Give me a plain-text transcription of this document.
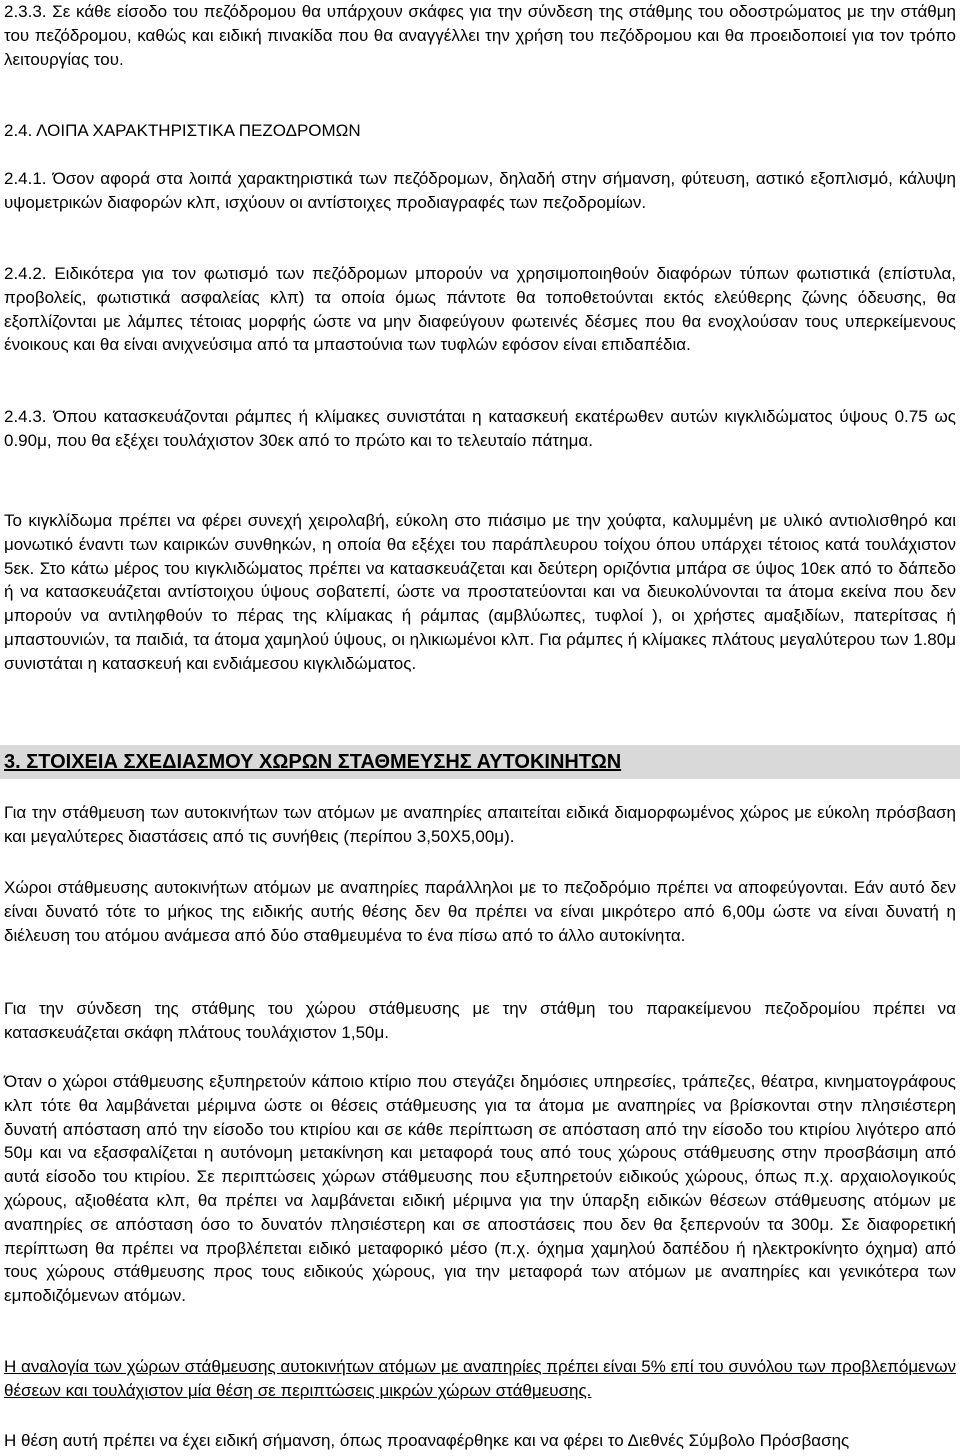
2.3.3. Σε κάθε είσοδο του πεζόδρομου θα υπάρχουν σκάφες για την σύνδεση της στάθμης του οδοστρώματος με την στάθμη του πεζόδρομου, καθώς και ειδική πινακίδα που θα αναγγέλλει την χρήση του πεζόδρομου και θα προειδοποιεί για τον τρόπο λειτουργίας του.

2.4. ΛΟΙΠΑ ΧΑΡΑΚΤΗΡΙΣΤΙΚΑ ΠΕΖΟΔΡΟΜΩΝ

2.4.1. Όσον αφορά στα λοιπά χαρακτηριστικά των πεζόδρομων, δηλαδή στην σήμανση, φύτευση, αστικό εξοπλισμό, κάλυψη υψομετρικών διαφορών κλπ, ισχύουν οι αντίστοιχες προδιαγραφές των πεζοδρομίων.

2.4.2. Ειδικότερα για τον φωτισμό των πεζόδρομων μπορούν να χρησιμοποιηθούν διαφόρων τύπων φωτιστικά (επίστυλα, προβολείς, φωτιστικά ασφαλείας κλπ) τα οποία όμως πάντοτε θα τοποθετούνται εκτός ελεύθερης ζώνης όδευσης, θα εξοπλίζονται με λάμπες τέτοιας μορφής ώστε να μην διαφεύγουν φωτεινές δέσμες που θα ενοχλούσαν τους υπερκείμενους ένοικους και θα είναι ανιχνεύσιμα από τα μπαστούνια των τυφλών εφόσον είναι επιδαπέδια.

2.4.3. Όπου κατασκευάζονται ράμπες ή κλίμακες συνιστάται η κατασκευή εκατέρωθεν αυτών κιγκλιδώματος ύψους 0.75 ως 0.90μ, που θα εξέχει τουλάχιστον 30εκ από το πρώτο και το τελευταίο πάτημα.

Το κιγκλίδωμα πρέπει να φέρει συνεχή χειρολαβή, εύκολη στο πιάσιμο με την χούφτα, καλυμμένη με υλικό αντιολισθηρό και μονωτικό έναντι των καιρικών συνθηκών, η οποία θα εξέχει του παράπλευρου τοίχου όπου υπάρχει τέτοιος κατά τουλάχιστον 5εκ. Στο κάτω μέρος του κιγκλιδώματος πρέπει να κατασκευάζεται και δεύτερη οριζόντια μπάρα σε ύψος 10εκ από το δάπεδο ή να κατασκευάζεται αντίστοιχου ύψους σοβατεπί, ώστε να προστατεύονται και να διευκολύνονται τα άτομα εκείνα που δεν μπορούν να αντιληφθούν το πέρας της κλίμακας ή ράμπας (αμβλύωπες, τυφλοί ), οι χρήστες αμαξιδίων, πατερίτσας ή μπαστουνιών, τα παιδιά, τα άτομα χαμηλού ύψους, οι ηλικιωμένοι κλπ. Για ράμπες ή κλίμακες πλάτους μεγαλύτερου των 1.80μ συνιστάται η κατασκευή και ενδιάμεσου κιγκλιδώματος.

3. ΣΤΟΙΧΕΙΑ ΣΧΕΔΙΑΣΜΟΥ ΧΩΡΩΝ ΣΤΑΘΜΕΥΣΗΣ ΑΥΤΟΚΙΝΗΤΩΝ

Για την στάθμευση των αυτοκινήτων των ατόμων με αναπηρίες απαιτείται ειδικά διαμορφωμένος χώρος με εύκολη πρόσβαση και μεγαλύτερες διαστάσεις από τις συνήθεις (περίπου 3,50Χ5,00μ).

Χώροι στάθμευσης αυτοκινήτων ατόμων με αναπηρίες παράλληλοι με το πεζοδρόμιο πρέπει να αποφεύγονται. Εάν αυτό δεν είναι δυνατό τότε το μήκος της ειδικής αυτής θέσης δεν θα πρέπει να είναι μικρότερο από 6,00μ ώστε να είναι δυνατή η διέλευση του ατόμου ανάμεσα από δύο σταθμευμένα το ένα πίσω από το άλλο αυτοκίνητα.

Για την σύνδεση της στάθμης του χώρου στάθμευσης με την στάθμη του παρακείμενου πεζοδρομίου πρέπει να κατασκευάζεται σκάφη πλάτους τουλάχιστον 1,50μ.

Όταν ο χώροι στάθμευσης εξυπηρετούν κάποιο κτίριο που στεγάζει δημόσιες υπηρεσίες, τράπεζες, θέατρα, κινηματογράφους κλπ τότε θα λαμβάνεται μέριμνα ώστε οι θέσεις στάθμευσης για τα άτομα με αναπηρίες να βρίσκονται στην πλησιέστερη δυνατή απόσταση από την είσοδο του κτιρίου και σε κάθε περίπτωση σε απόσταση από την είσοδο του κτιρίου λιγότερο από 50μ και να εξασφαλίζεται η αυτόνομη μετακίνηση και μεταφορά τους από τους χώρους στάθμευσης στην προσβάσιμη από αυτά είσοδο του κτιρίου. Σε περιπτώσεις χώρων στάθμευσης που εξυπηρετούν ειδικούς χώρους, όπως π.χ. αρχαιολογικούς χώρους, αξιοθέατα κλπ, θα πρέπει να λαμβάνεται ειδική μέριμνα για την ύπαρξη ειδικών θέσεων στάθμευσης ατόμων με αναπηρίες σε απόσταση όσο το δυνατόν πλησιέστερη και σε αποστάσεις που δεν θα ξεπερνούν τα 300μ. Σε διαφορετική περίπτωση θα πρέπει να προβλέπεται ειδικό μεταφορικό μέσο (π.χ. όχημα χαμηλού δαπέδου ή ηλεκτροκίνητο όχημα) από τους χώρους στάθμευσης προς τους ειδικούς χώρους, για την μεταφορά των ατόμων με αναπηρίες και γενικότερα των εμποδιζόμενων ατόμων.

Η αναλογία των χώρων στάθμευσης αυτοκινήτων ατόμων με αναπηρίες πρέπει είναι 5% επί του συνόλου των προβλεπόμενων θέσεων και τουλάχιστον μία θέση σε περιπτώσεις μικρών χώρων στάθμευσης.

Η θέση αυτή πρέπει να έχει ειδική σήμανση, όπως προαναφέρθηκε και να φέρει το Διεθνές Σύμβολο Πρόσβασης
